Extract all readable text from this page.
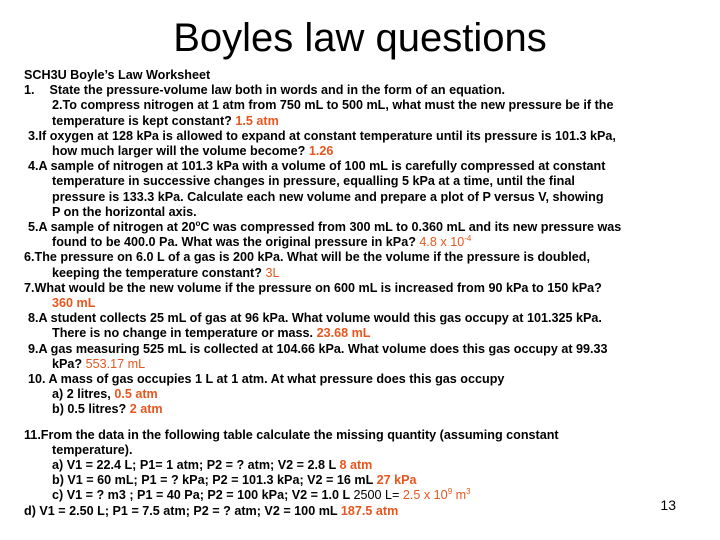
Boyles law questions
SCH3U Boyle’s Law Worksheet
1. State the pressure-volume law both in words and in the form of an equation.
2.To compress nitrogen at 1 atm from 750 mL to 500 mL, what must the new pressure be if the
temperature is kept constant? 1.5 atm
3.If oxygen at 128 kPa is allowed to expand at constant temperature until its pressure is 101.3 kPa,
how much larger will the volume become? 1.26
4.A sample of nitrogen at 101.3 kPa with a volume of 100 mL is carefully compressed at constant
temperature in successive changes in pressure, equalling 5 kPa at a time, until the final
pressure is 133.3 kPa. Calculate each new volume and prepare a plot of P versus V, showing
P on the horizontal axis.
5.A sample of nitrogen at 20$^o$C was compressed from 300 mL to 0.360 mL and its new pressure was
found to be 400.0 Pa. What was the original pressure in kPa? 4.8 x $10^{-4}$
6.The pressure on 6.0 L of a gas is 200 kPa. What will be the volume if the pressure is doubled,
keeping the temperature constant? 3L
7.What would be the new volume if the pressure on 600 mL is increased from 90 kPa to 150 kPa?
360 mL
8.A student collects 25 mL of gas at 96 kPa. What volume would this gas occupy at 101.325 kPa.
There is no change in temperature or mass. 23.68 mL
9.A gas measuring 525 mL is collected at 104.66 kPa. What volume does this gas occupy at 99.33
kPa? 553.17 mL
10. A mass of gas occupies 1 L at 1 atm. At what pressure does this gas occupy
a) 2 litres, 0.5 atm
b) 0.5 litres? 2 atm
11.From the data in the following table calculate the missing quantity (assuming constant
temperature).
a) V1 = 22.4 L; P1= 1 atm; P2 = ? atm; V2 = 2.8 L 8 atm
b) V1 = 60 mL; P1 = ? kPa; P2 = 101.3 kPa; V2 = 16 mL 27 kPa
c) V1 = ? m3 ; P1 = 40 Pa; P2 = 100 kPa; V2 = 1.0 L 2500 L= 2.5 x $10^9$ $m^3$
d) V1 = 2.50 L; P1 = 7.5 atm; P2 = ? atm; V2 = 100 mL 187.5 atm	13
